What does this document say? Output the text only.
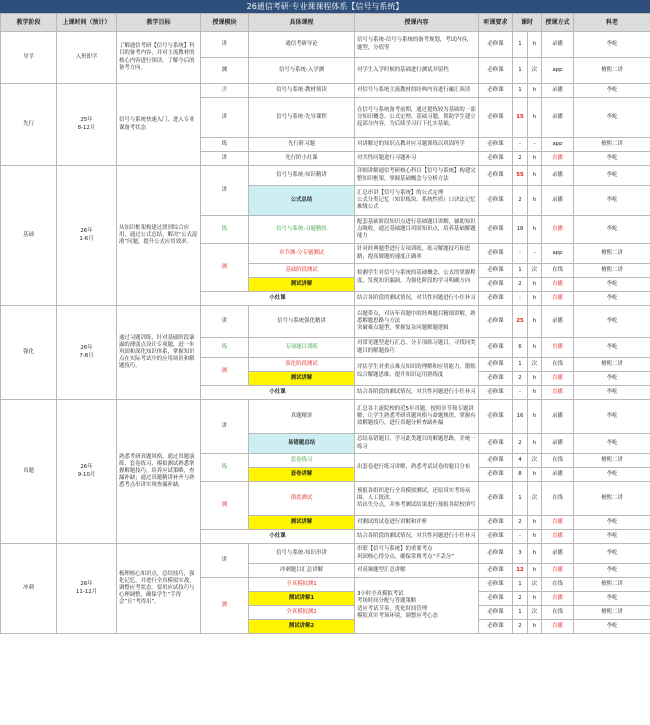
26通信考研·专业课课程体系【信号与系统】
教学阶段	上课时间（预计）	教学目标	授课模块	具体课程	授课内容	听课要求	课时		授课方式	科老
导学	入班即学	了解通信考研【信号与系统】科目的备考内容，并对主流教材的核心内容进行领读，了解今后的备考方向。	讲	通信考研导论	信号与系统-信号与系统的备考规划，考试内容，题型，分值等	必修课	1	h	录播	李屹
			测	信号与系统-入学测	对学生入学时候的基础进行测试并留档	必修课	1	次	app	檀熙二讲
先行	25年
8-12月	信号与系统快速入门，进入专业课备考状态	讲	信号与系统-教材领读	对信号与系统主流教材的经典内容进行融汇领读	必修课	1	h	录播	李屹
			讲	信号与系统-先导课程	在信号与系统备考前期，通过提炼较为基础的一部分知识概念、公式定理、基础习题，帮助学生建立起部分内容，为后续学习打下扎实基础。	必修课	15	h	录播	李屹
			练	先行阶习题	对讲解过的知识点教对应习题训练以巩固所学	必修课	-	-	app	檀熙二讲
			讲	先行阶小灶课	对共性问题进行习题补习	必修课	2	h	直播	李屹
基础	26年
1-6月	从知识框架构建过渡到综合应用，通过公式总结，解决“公式混淆”问题，提升公式应用效率。	讲	信号与系统-知识精讲	详细讲解通信考研核心科目【信号与系统】构建完整知识框架，掌握基础概念与分析方法	必修课	55	h	录播	李屹
				公式总结	汇总串讲【信号与系统】的公式定理
公式分类记忆（知识板块、系统性质）口诀法记忆难级公式	必修课	2	h	录播	李屹
			练	信号与系统-习题精练	配套基础阶段知识点进行基础题目讲解，辅助知识点吸收，通过基础题目巩固知识点，培养基础解题能力	必修课	18	h	直播	李屹
			测	章节测-分专题测试	针对经典题型进行专项训练，练习解题技巧和思路，提高做题的速度正确率	必修课	-	-	app	檀熙二讲
				基础阶段测试	检测学生对信号与系统的基础概念、公式的掌握程度，发现知识漏洞，为强化阶段的学习明确方向	必修课	1	次	在线	檀熙二讲
				测试讲解		必修课	2	h	直播	李屹
			小灶课		结合各阶段的测试情况，对共性问题进行小灶补习	必修课	-	h	直播	李屹
强化	26年
7-8月	通过习题训练，针对基础阶段暴露的薄弱点设计专项题，进一步巩固和深化知识体系，掌握知识点在实际考试中的应用场景和解题技巧。	讲	信号与系统强化精讲	以题带点，对历年真题中的经典题目精细讲解，熟悉解题思路与方法
突破难点题型，掌握复杂问题解题逻辑	必修课	25	h	录播	李屹
			练	专项题目训练	对常见题型进行汇总，分专项练习题目，寻找同类题目的解题技巧	必修课	6	h	直播	李屹
			测	强化阶段测试	评估学生对重点难点知识的理解和应用能力，锻炼综合解题思维，提升知识运用熟练度	必修课	1	次	在线	檀熙二讲
				测试讲解		必修课	2	h	直播	李屹
			小灶课		结合各阶段的测试情况，对共性问题进行小灶补习	必修课	-	h	直播	李屹
真题	26年
9-10月	熟悉考研真题风格，通过真题演练、套卷练习、模拟测试熟悉掌握解题技巧，培养应试策略，查漏补缺；通过真题精讲补齐与熟悉考点串讲实现查漏补缺。	讲	真题精讲	汇总各主流院校的近5年真题，按照章节和专题讲解；让学生熟悉考研真题风格与命题规律，掌握有效解题技巧，进行真题分析查缺补漏	必修课	16	h	录播	李屹
				易错题总结	总结易错题目，学习此类题目的解题思路，并统一练习	必修课	2	h	录播	李屹
			练	套卷练习	出套卷进行练习讲解，熟悉考试试卷的题目分布	必修课	4	次	在线	檀熙二讲
				套卷讲解		必修课	8	h	录播	李屹
			测	摸底测试	预报各组织进行全真模拟测试，还原真实考场氛围。人工批改，
给出失分点，并参考测试结果进行预报各院校填写	必修课	1	次	在线	檀熙二讲
				测试讲解	对测试的试卷进行讲解和评析	必修课	2	h	直播	李屹
			小灶课		结合各阶段的测试情况，对共性问题进行小灶补习	必修课	-	h	直播	李屹
冲刺	26年
11-12月	梳理核心知识点，总结技巧，强化记忆，并进行全真模拟实战，调整应考状态。要用应试技巧与心理调整，确保学生“手得会”且“考得出”。	讲	信号与系统-知识串讲	串联【信号与系统】的重要考点
巩固核心得分点，确保常规考点“不丢分”	必修课	3	h	录播	李屹
				冲刺题目汇总讲解	对高频题型汇总讲解	必修课	12	h	直播	李屹
			测	全真模拟测1	3小时全真模拟考试
考场时间分配与答题策略
适应考试节奏，优化时间管理
模拟真实考场环境，调整应考心态	必修课	1	次	在线	檀熙二讲
				测试讲解1		必修课	2	h	直播	李屹
				全真模拟测2		必修课	1	次	在线	檀熙二讲
				测试讲解2		必修课	2	h	直播	李屹
